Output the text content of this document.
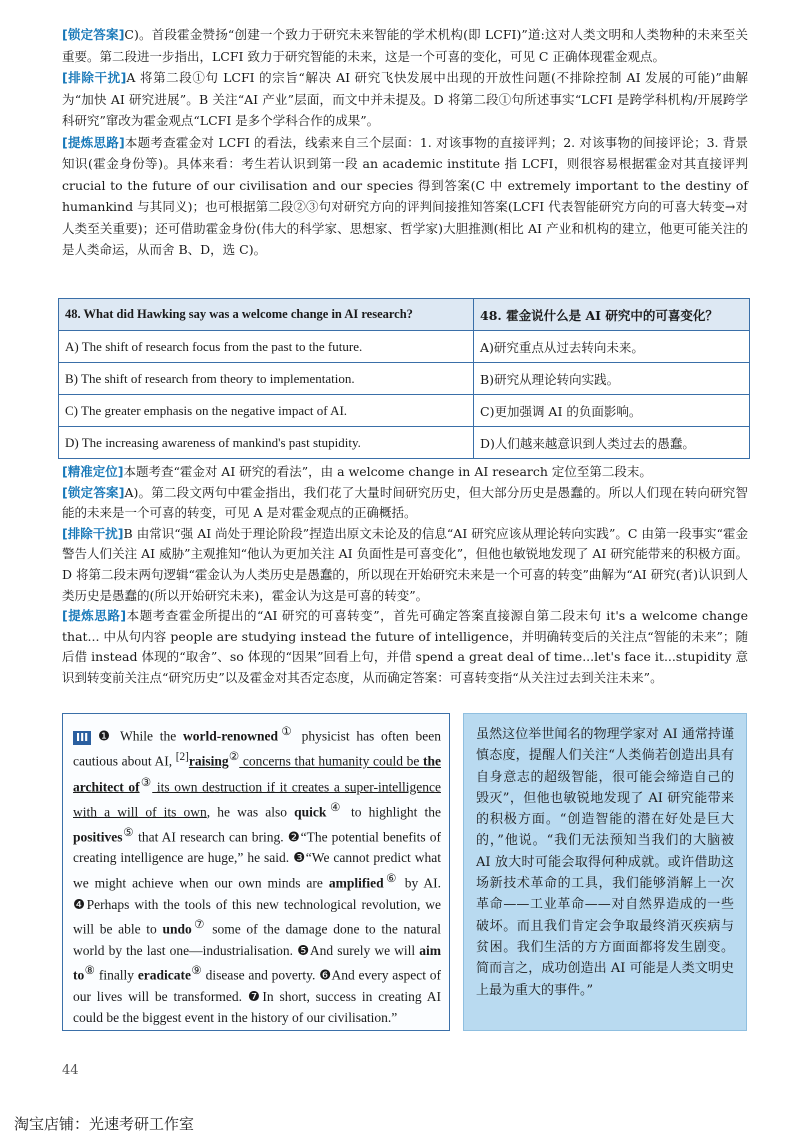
[锁定答案]C)。首段霍金赞扬“创建一个致力于研究未来智能的学术机构(即 LCFI)”道:这对人类文明和人类物种的未来至关重要。第二段进一步指出，LCFI 致力于研究智能的未来，这是一个可喜的变化，可见 C 正确体现霍金观点。
[排除干扰]A 将第二段①句 LCFI 的宗旨“解决 AI 研究飞快发展中出现的开放性问题(不排除控制 AI 发展的可能)”曲解为“加快 AI 研究进展”。B 关注“AI 产业”层面，而文中并未提及。D 将第二段①句所述事实“LCFI 是跨学科机构/开展跨学科研究”窜改为霍金观点“LCFI 是多个学科合作的成果”。
[提炼思路]本题考查霍金对 LCFI 的看法，线索来自三个层面：1. 对该事物的直接评判；2. 对该事物的间接评论；3. 背景知识(霍金身份等)。具体来看：考生若认识到第一段 an academic institute 指 LCFI，则很容易根据霍金对其直接评判 crucial to the future of our civilisation and our species 得到答案(C 中 extremely important to the destiny of humankind 与其同义)；也可根据第二段②③句对研究方向的评判间接推知答案(LCFI 代表智能研究方向的可喜大转变→对人类至关重要)；还可借助霍金身份(伟大的科学家、思想家、哲学家)大胆推测(相比 AI 产业和机构的建立，他更可能关注的是人类命运，从而舍 B、D，选 C)。
48. What did Hawking say was a welcome change in AI research?	48. 霍金说什么是 AI 研究中的可喜变化？
A) The shift of research focus from the past to the future.	A)研究重点从过去转向未来。
B) The shift of research from theory to implementation.	B)研究从理论转向实践。
C) The greater emphasis on the negative impact of AI.	C)更加强调 AI 的负面影响。
D) The increasing awareness of mankind's past stupidity.	D)人们越来越意识到人类过去的愚蠢。
[精准定位]本题考查“霍金对 AI 研究的看法”，由 a welcome change in AI research 定位至第二段末。
[锁定答案]A)。第二段文两句中霍金指出，我们花了大量时间研究历史，但大部分历史是愚蠢的。所以人们现在转向研究智能的未来是一个可喜的转变，可见 A 是对霍金观点的正确概括。
[排除干扰]B 由常识“强 AI 尚处于理论阶段”捏造出原文未论及的信息“AI 研究应该从理论转向实践”。C 由第一段事实“霍金警告人们关注 AI 威胁”主观推知“他认为更加关注 AI 负面性是可喜变化”，但他也敏锐地发现了 AI 研究能带来的积极方面。D 将第二段末两句逻辑“霍金认为人类历史是愚蠢的，所以现在开始研究未来是一个可喜的转变”曲解为“AI 研究(者)认识到人类历史是愚蠢的(所以开始研究未来)，霍金认为这是可喜的转变”。
[提炼思路]本题考查霍金所提出的“AI 研究的可喜转变”，首先可确定答案直接源自第二段末句 it's a welcome change that... 中从句内容 people are studying instead the future of intelligence，并明确转变后的关注点“智能的未来”；随后借 instead 体现的“取舍”、so 体现的“因果”回看上句，并借 spend a great deal of time...let's face it...stupidity 意识到转变前关注点“研究历史”以及霍金对其否定态度，从而确定答案：可喜转变指“从关注过去到关注未来”。
III ❶ While the world-renowned① physicist has often been cautious about AI, [2]raising② concerns that humanity could be the architect of③ its own destruction if it creates a super-intelligence with a will of its own, he was also quick④ to highlight the positives⑤ that AI research can bring. ❷“The potential benefits of creating intelligence are huge,” he said. ❸“We cannot predict what we might achieve when our own minds are amplified⑥ by AI. ❹Perhaps with the tools of this new technological revolution, we will be able to undo⑦ some of the damage done to the natural world by the last one—industrialisation. ❺And surely we will aim to⑧ finally eradicate⑨ disease and poverty. ❻And every aspect of our lives will be transformed. ❼In short, success in creating AI could be the biggest event in the history of our civilisation.”
虽然这位举世闻名的物理学家对 AI 通常持谨慎态度，提醒人们关注“人类倘若创造出具有自身意志的超级智能，很可能会缔造自己的毁灭”，但他也敏锐地发现了 AI 研究能带来的积极方面。“创造智能的潜在好处是巨大的，”他说。“我们无法预知当我们的大脑被 AI 放大时可能会取得何种成就。或许借助这场新技术革命的工具，我们能够消解上一次革命——工业革命——对自然界造成的一些破坏。而且我们肯定会争取最终消灭疾病与贫困。我们生活的方方面面都将发生剧变。简而言之，成功创造出 AI 可能是人类文明史上最为重大的事件。”
44
淘宝店铺：光速考研工作室
